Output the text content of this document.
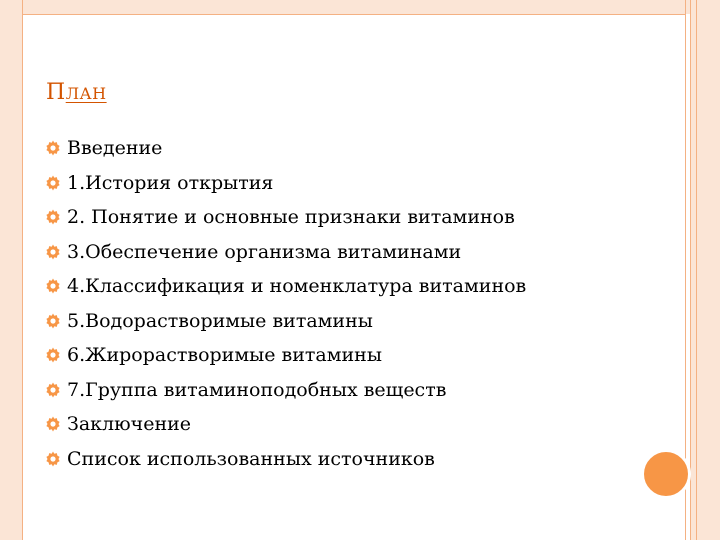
ПЛАН
Введение
1.История открытия
2. Понятие и основные признаки витаминов
3.Обеспечение организма витаминами
4.Классификация и номенклатура витаминов
5.Водорастворимые витамины
6.Жирорастворимые витамины
7.Группа витаминоподобных веществ
Заключение
Список использованных источников
